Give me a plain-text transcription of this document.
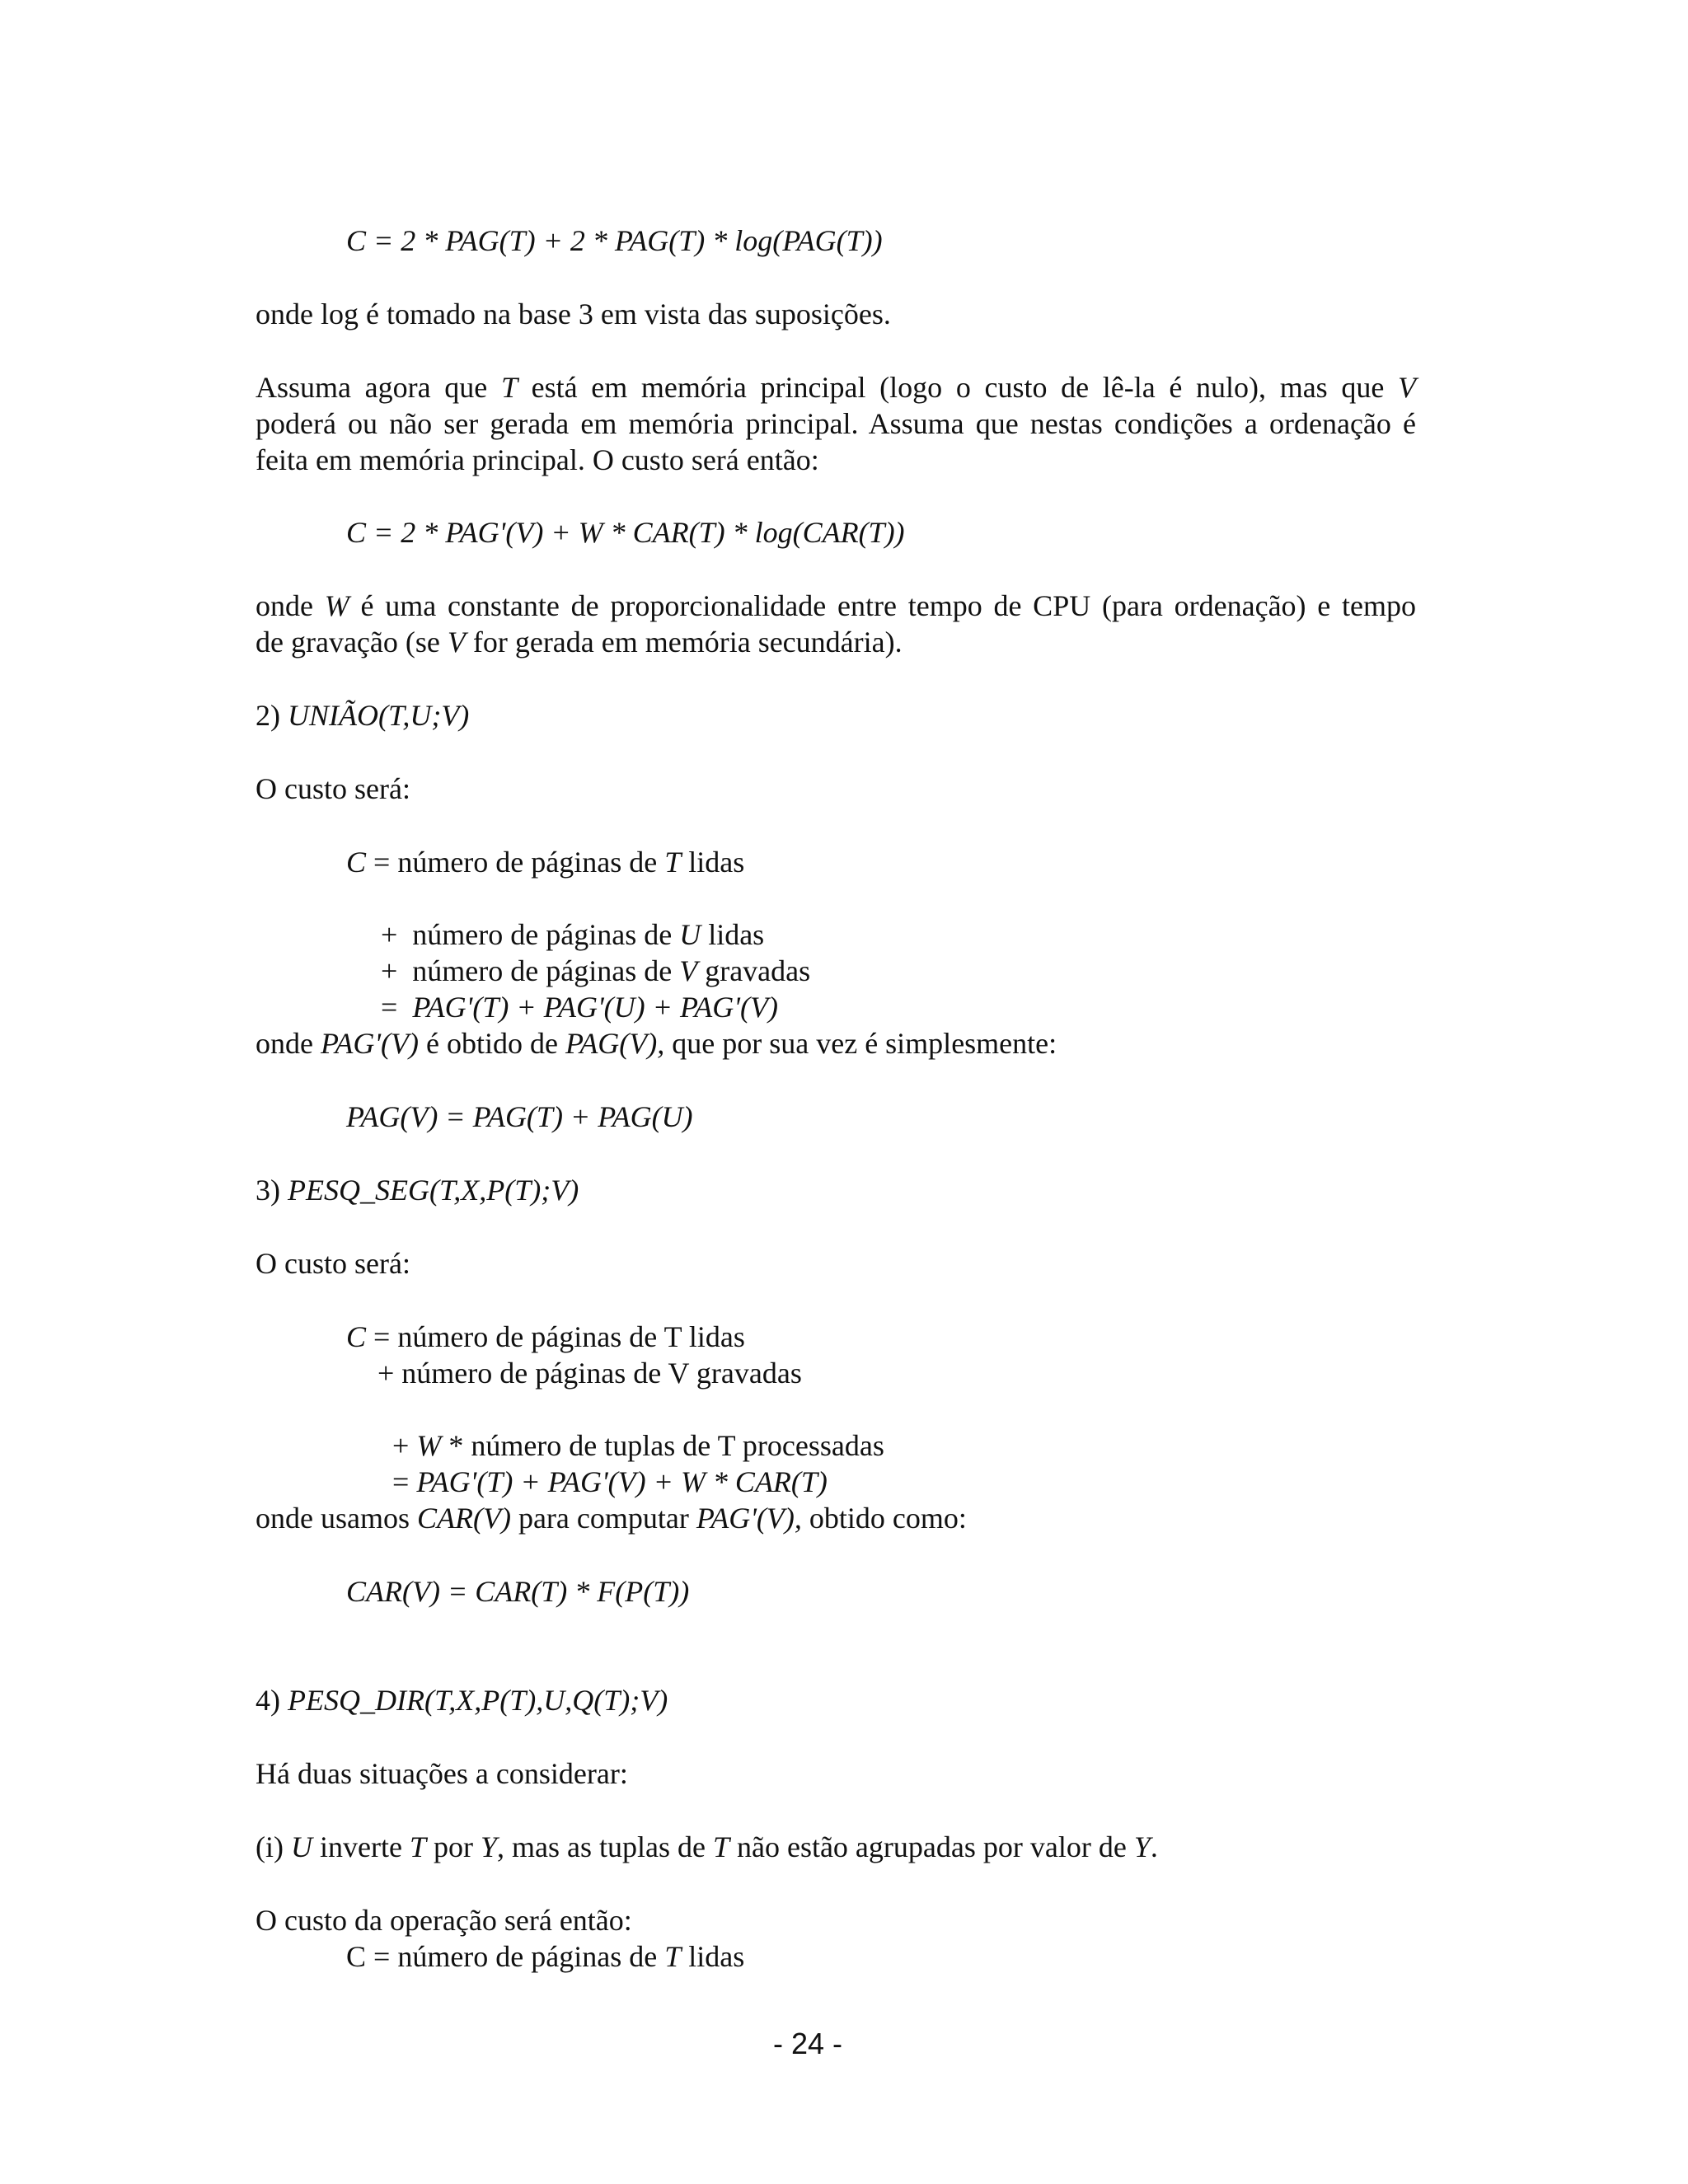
C = 2 * PAG(T) + 2 * PAG(T) * log(PAG(T))
onde log é tomado na base 3 em vista das suposições.
Assuma agora que T está em memória principal (logo o custo de lê-la é nulo), mas que V
poderá ou não ser gerada em memória principal. Assuma que nestas condições a ordenação é
feita em memória principal. O custo será então:
C = 2 * PAG'(V) + W * CAR(T) * log(CAR(T))
onde W é uma constante de proporcionalidade entre tempo de CPU (para ordenação) e tempo
de gravação (se V for gerada em memória secundária).
2) UNIÃO(T,U;V)
O custo será:
C = número de páginas de T lidas

+  número de páginas de U lidas

+  número de páginas de V gravadas

=  PAG'(T) + PAG'(U) + PAG'(V)

onde PAG'(V) é obtido de PAG(V), que por sua vez é simplesmente:
PAG(V) = PAG(T) + PAG(U)
3) PESQ_SEG(T,X,P(T);V)
O custo será:
C = número de páginas de T lidas
+ número de páginas de V gravadas

+ W * número de tuplas de T processadas

= PAG'(T) + PAG'(V) + W * CAR(T)

onde usamos CAR(V) para computar PAG'(V), obtido como:
CAR(V) = CAR(T) * F(P(T))
4) PESQ_DIR(T,X,P(T),U,Q(T);V)
Há duas situações a considerar:
(i) U inverte T por Y, mas as tuplas de T não estão agrupadas por valor de Y.
O custo da operação será então:
C = número de páginas de T lidas
- 24 -
